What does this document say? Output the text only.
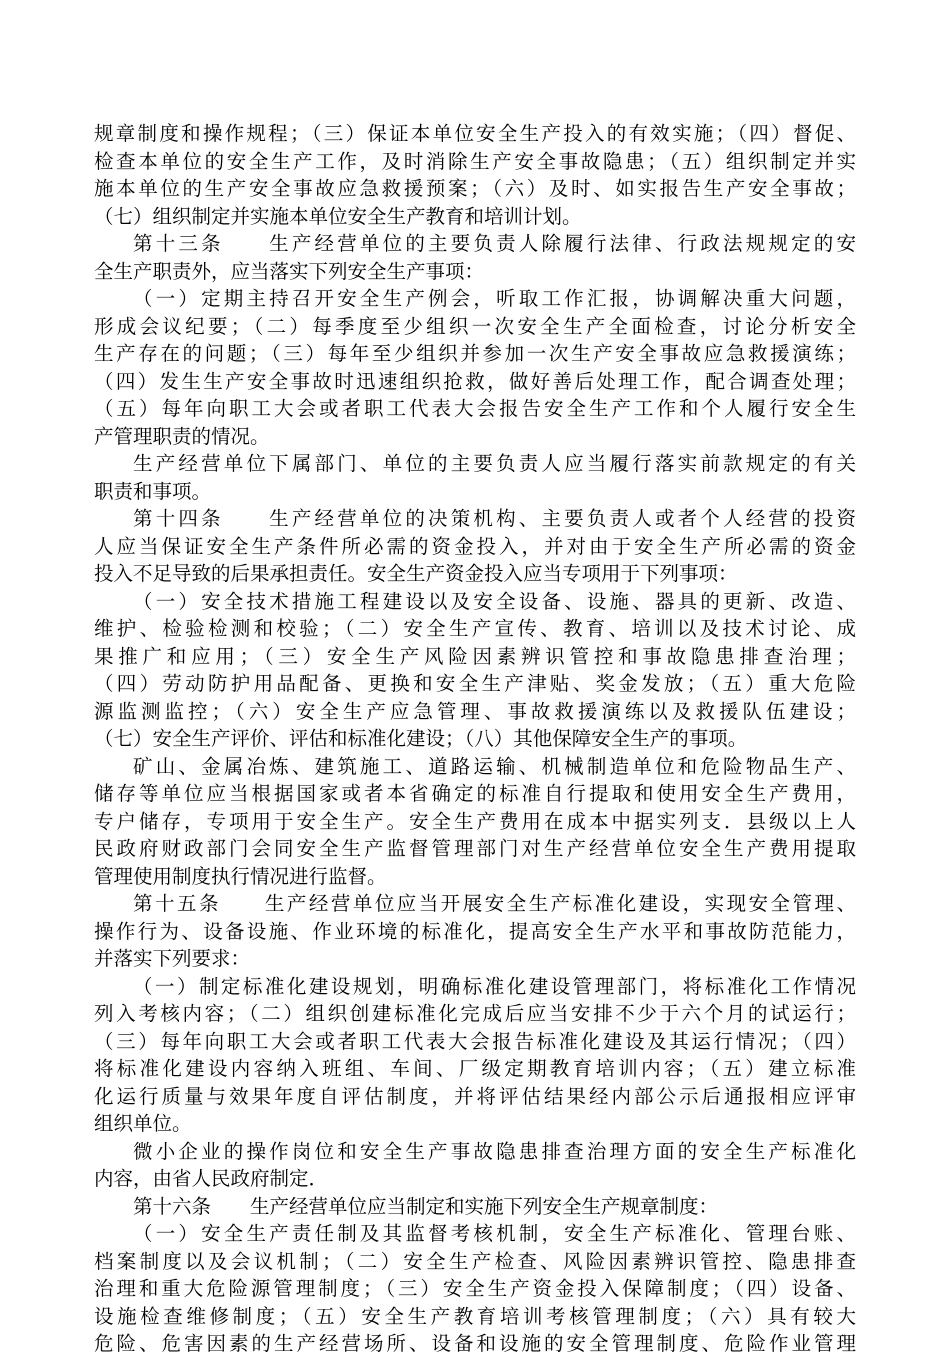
规章制度和操作规程；（三）保证本单位安全生产投入的有效实施；（四）督促、
检查本单位的安全生产工作，及时消除生产安全事故隐患；（五）组织制定并实
施本单位的生产安全事故应急救援预案；（六）及时、如实报告生产安全事故；
（七）组织制定并实施本单位安全生产教育和培训计划。
第十三条　　生产经营单位的主要负责人除履行法律、行政法规规定的安
全生产职责外，应当落实下列安全生产事项：
（一）定期主持召开安全生产例会，听取工作汇报，协调解决重大问题，
形成会议纪要；（二）每季度至少组织一次安全生产全面检查，讨论分析安全
生产存在的问题；（三）每年至少组织并参加一次生产安全事故应急救援演练；
（四）发生生产安全事故时迅速组织抢救，做好善后处理工作，配合调查处理；
（五）每年向职工大会或者职工代表大会报告安全生产工作和个人履行安全生
产管理职责的情况。
生产经营单位下属部门、单位的主要负责人应当履行落实前款规定的有关
职责和事项。
第十四条　　生产经营单位的决策机构、主要负责人或者个人经营的投资
人应当保证安全生产条件所必需的资金投入，并对由于安全生产所必需的资金
投入不足导致的后果承担责任。安全生产资金投入应当专项用于下列事项：
（一）安全技术措施工程建设以及安全设备、设施、器具的更新、改造、
维护、检验检测和校验；（二）安全生产宣传、教育、培训以及技术讨论、成
果推广和应用；（三）安全生产风险因素辨识管控和事故隐患排查治理；
（四）劳动防护用品配备、更换和安全生产津贴、奖金发放；（五）重大危险
源监测监控；（六）安全生产应急管理、事故救援演练以及救援队伍建设；
（七）安全生产评价、评估和标准化建设；（八）其他保障安全生产的事项。
矿山、金属冶炼、建筑施工、道路运输、机械制造单位和危险物品生产、
储存等单位应当根据国家或者本省确定的标准自行提取和使用安全生产费用，
专户储存，专项用于安全生产。安全生产费用在成本中据实列支．县级以上人
民政府财政部门会同安全生产监督管理部门对生产经营单位安全生产费用提取
管理使用制度执行情况进行监督。
第十五条　　生产经营单位应当开展安全生产标准化建设，实现安全管理、
操作行为、设备设施、作业环境的标准化，提高安全生产水平和事故防范能力，
并落实下列要求：
（一）制定标准化建设规划，明确标准化建设管理部门，将标准化工作情况
列入考核内容；（二）组织创建标准化完成后应当安排不少于六个月的试运行；
（三）每年向职工大会或者职工代表大会报告标准化建设及其运行情况；（四）
将标准化建设内容纳入班组、车间、厂级定期教育培训内容；（五）建立标准
化运行质量与效果年度自评估制度，并将评估结果经内部公示后通报相应评审
组织单位。
微小企业的操作岗位和安全生产事故隐患排查治理方面的安全生产标准化
内容，由省人民政府制定．
第十六条　　生产经营单位应当制定和实施下列安全生产规章制度：
（一）安全生产责任制及其监督考核机制，安全生产标准化、管理台账、
档案制度以及会议机制；（二）安全生产检查、风险因素辨识管控、隐患排查
治理和重大危险源管理制度；（三）安全生产资金投入保障制度；（四）设备、
设施检查维修制度；（五）安全生产教育培训考核管理制度；（六）具有较大
危险、危害因素的生产经营场所、设备和设施的安全管理制度、危险作业管理
